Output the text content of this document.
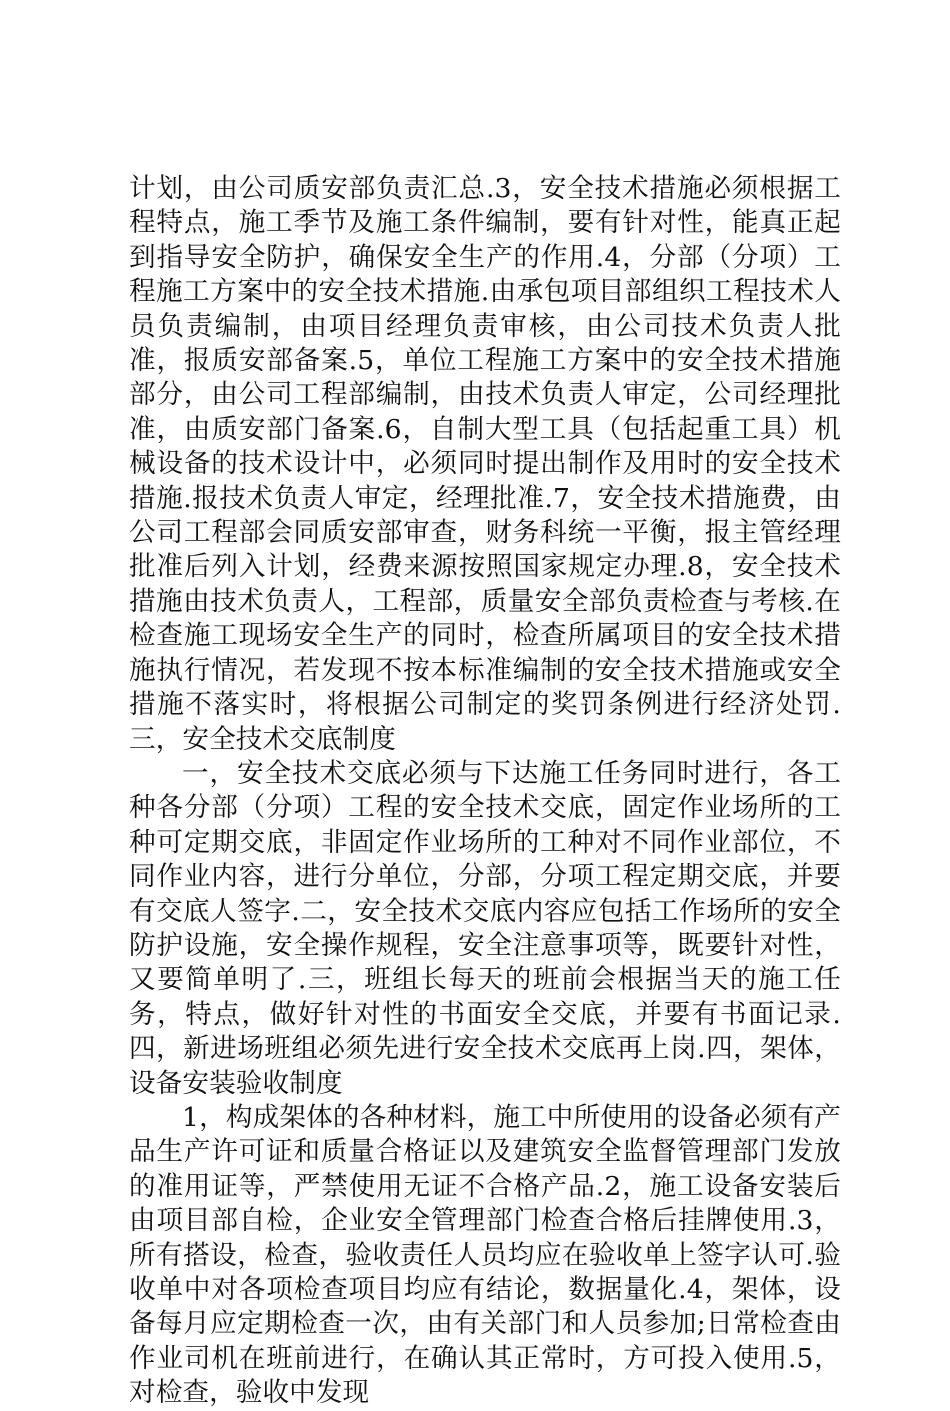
计划，由公司质安部负责汇总.3，安全技术措施必须根据工程特点，施工季节及施工条件编制，要有针对性，能真正起到指导安全防护，确保安全生产的作用.4，分部（分项）工程施工方案中的安全技术措施.由承包项目部组织工程技术人员负责编制，由项目经理负责审核，由公司技术负责人批准，报质安部备案.5，单位工程施工方案中的安全技术措施部分，由公司工程部编制，由技术负责人审定，公司经理批准，由质安部门备案.6，自制大型工具（包括起重工具）机械设备的技术设计中，必须同时提出制作及用时的安全技术措施.报技术负责人审定，经理批准.7，安全技术措施费，由公司工程部会同质安部审查，财务科统一平衡，报主管经理批准后列入计划，经费来源按照国家规定办理.8，安全技术措施由技术负责人，工程部，质量安全部负责检查与考核.在检查施工现场安全生产的同时，检查所属项目的安全技术措施执行情况，若发现不按本标准编制的安全技术措施或安全措施不落实时，将根据公司制定的奖罚条例进行经济处罚.三，安全技术交底制度

一，安全技术交底必须与下达施工任务同时进行，各工种各分部（分项）工程的安全技术交底，固定作业场所的工种可定期交底，非固定作业场所的工种对不同作业部位，不同作业内容，进行分单位，分部，分项工程定期交底，并要有交底人签字.二，安全技术交底内容应包括工作场所的安全防护设施，安全操作规程，安全注意事项等，既要针对性，又要简单明了.三，班组长每天的班前会根据当天的施工任务，特点，做好针对性的书面安全交底，并要有书面记录.四，新进场班组必须先进行安全技术交底再上岗.四，架体，设备安装验收制度

1，构成架体的各种材料，施工中所使用的设备必须有产品生产许可证和质量合格证以及建筑安全监督管理部门发放的准用证等，严禁使用无证不合格产品.2，施工设备安装后由项目部自检，企业安全管理部门检查合格后挂牌使用.3，所有搭设，检查，验收责任人员均应在验收单上签字认可.验收单中对各项检查项目均应有结论，数据量化.4，架体，设备每月应定期检查一次，由有关部门和人员参加;日常检查由作业司机在班前进行，在确认其正常时，方可投入使用.5，对检查，验收中发现
